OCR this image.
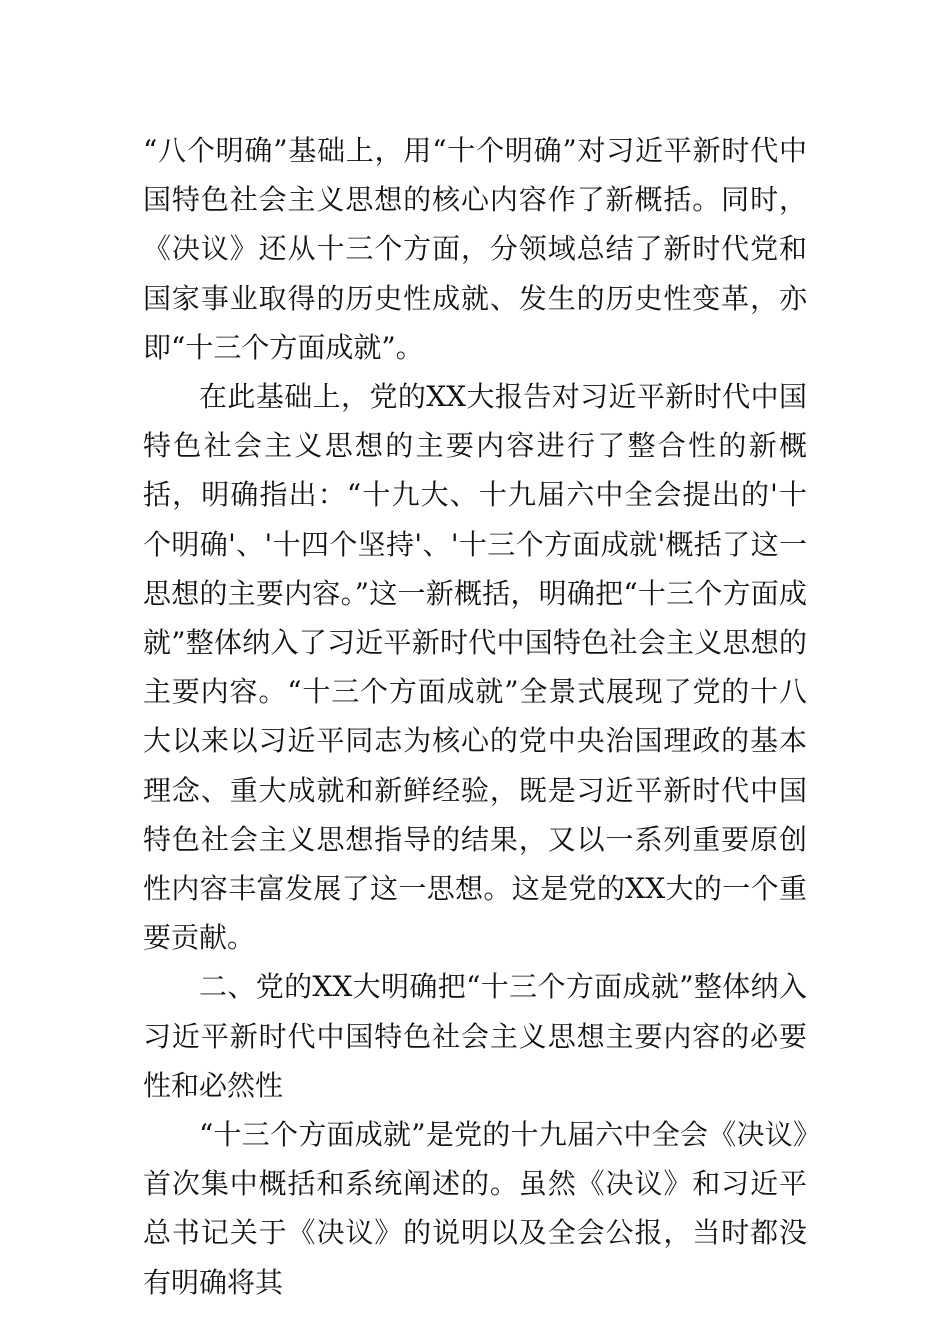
“八个明确”基础上，用“十个明确”对习近平新时代中国特色社会主义思想的核心内容作了新概括。同时，《决议》还从十三个方面，分领域总结了新时代党和国家事业取得的历史性成就、发生的历史性变革，亦即“十三个方面成就”。

在此基础上，党的XX大报告对习近平新时代中国特色社会主义思想的主要内容进行了整合性的新概括，明确指出：“十九大、十九届六中全会提出的'十个明确'、'十四个坚持'、'十三个方面成就'概括了这一思想的主要内容。”这一新概括，明确把“十三个方面成就”整体纳入了习近平新时代中国特色社会主义思想的主要内容。“十三个方面成就”全景式展现了党的十八大以来以习近平同志为核心的党中央治国理政的基本理念、重大成就和新鲜经验，既是习近平新时代中国特色社会主义思想指导的结果，又以一系列重要原创性内容丰富发展了这一思想。这是党的XX大的一个重要贡献。

二、党的XX大明确把“十三个方面成就”整体纳入习近平新时代中国特色社会主义思想主要内容的必要性和必然性

“十三个方面成就”是党的十九届六中全会《决议》首次集中概括和系统阐述的。虽然《决议》和习近平总书记关于《决议》的说明以及全会公报，当时都没有明确将其
